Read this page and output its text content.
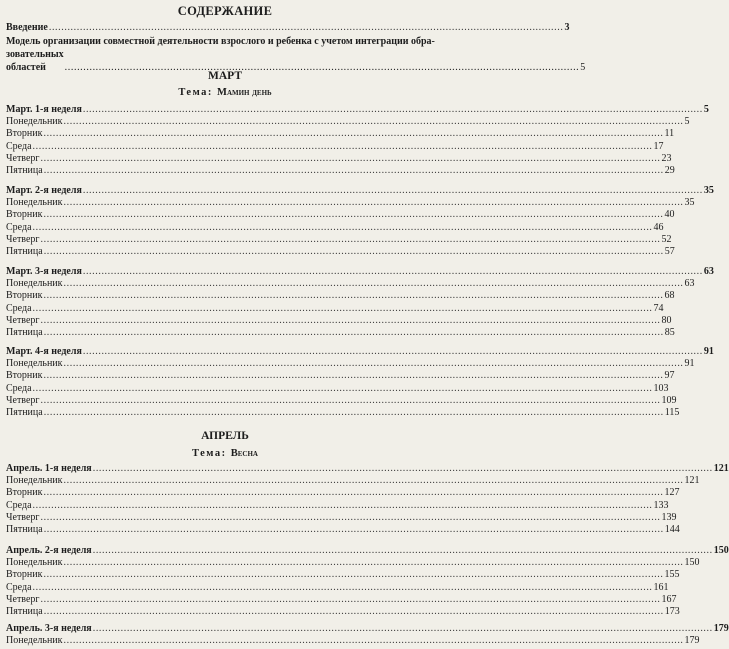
СОДЕРЖАНИЕ
Введение ...................................................................................................................................................................... 3
Модель организации совместной деятельности взрослого и ребенка с учетом интеграции обра-
зовательных областей	...................................................................................................................................................................... 5
МАРТ
Тема: Мамин день
Март. 1-я неделя ........................................................................................................................................................................................................ 5
Понедельник ........................................................................................................................................................................................................ 5
Вторник ........................................................................................................................................................................................................ 11
Среда ........................................................................................................................................................................................................ 17
Четверг ........................................................................................................................................................................................................ 23
Пятница ........................................................................................................................................................................................................ 29
Март. 2-я неделя ........................................................................................................................................................................................................ 35
Понедельник ........................................................................................................................................................................................................ 35
Вторник ........................................................................................................................................................................................................ 40
Среда ........................................................................................................................................................................................................ 46
Четверг ........................................................................................................................................................................................................ 52
Пятница ........................................................................................................................................................................................................ 57
Март. 3-я неделя ........................................................................................................................................................................................................ 63
Понедельник ........................................................................................................................................................................................................ 63
Вторник ........................................................................................................................................................................................................ 68
Среда ........................................................................................................................................................................................................ 74
Четверг ........................................................................................................................................................................................................ 80
Пятница ........................................................................................................................................................................................................ 85
Март. 4-я неделя ........................................................................................................................................................................................................ 91
Понедельник ........................................................................................................................................................................................................ 91
Вторник ........................................................................................................................................................................................................ 97
Среда ........................................................................................................................................................................................................ 103
Четверг ........................................................................................................................................................................................................ 109
Пятница ........................................................................................................................................................................................................ 115
АПРЕЛЬ
Тема: Весна
Апрель. 1-я неделя ........................................................................................................................................................................................................ 121
Понедельник ........................................................................................................................................................................................................ 121
Вторник ........................................................................................................................................................................................................ 127
Среда ........................................................................................................................................................................................................ 133
Четверг ........................................................................................................................................................................................................ 139
Пятница ........................................................................................................................................................................................................ 144
Апрель. 2-я неделя ........................................................................................................................................................................................................ 150
Понедельник ........................................................................................................................................................................................................ 150
Вторник ........................................................................................................................................................................................................ 155
Среда ........................................................................................................................................................................................................ 161
Четверг ........................................................................................................................................................................................................ 167
Пятница ........................................................................................................................................................................................................ 173
Апрель. 3-я неделя ........................................................................................................................................................................................................ 179
Понедельник ........................................................................................................................................................................................................ 179
